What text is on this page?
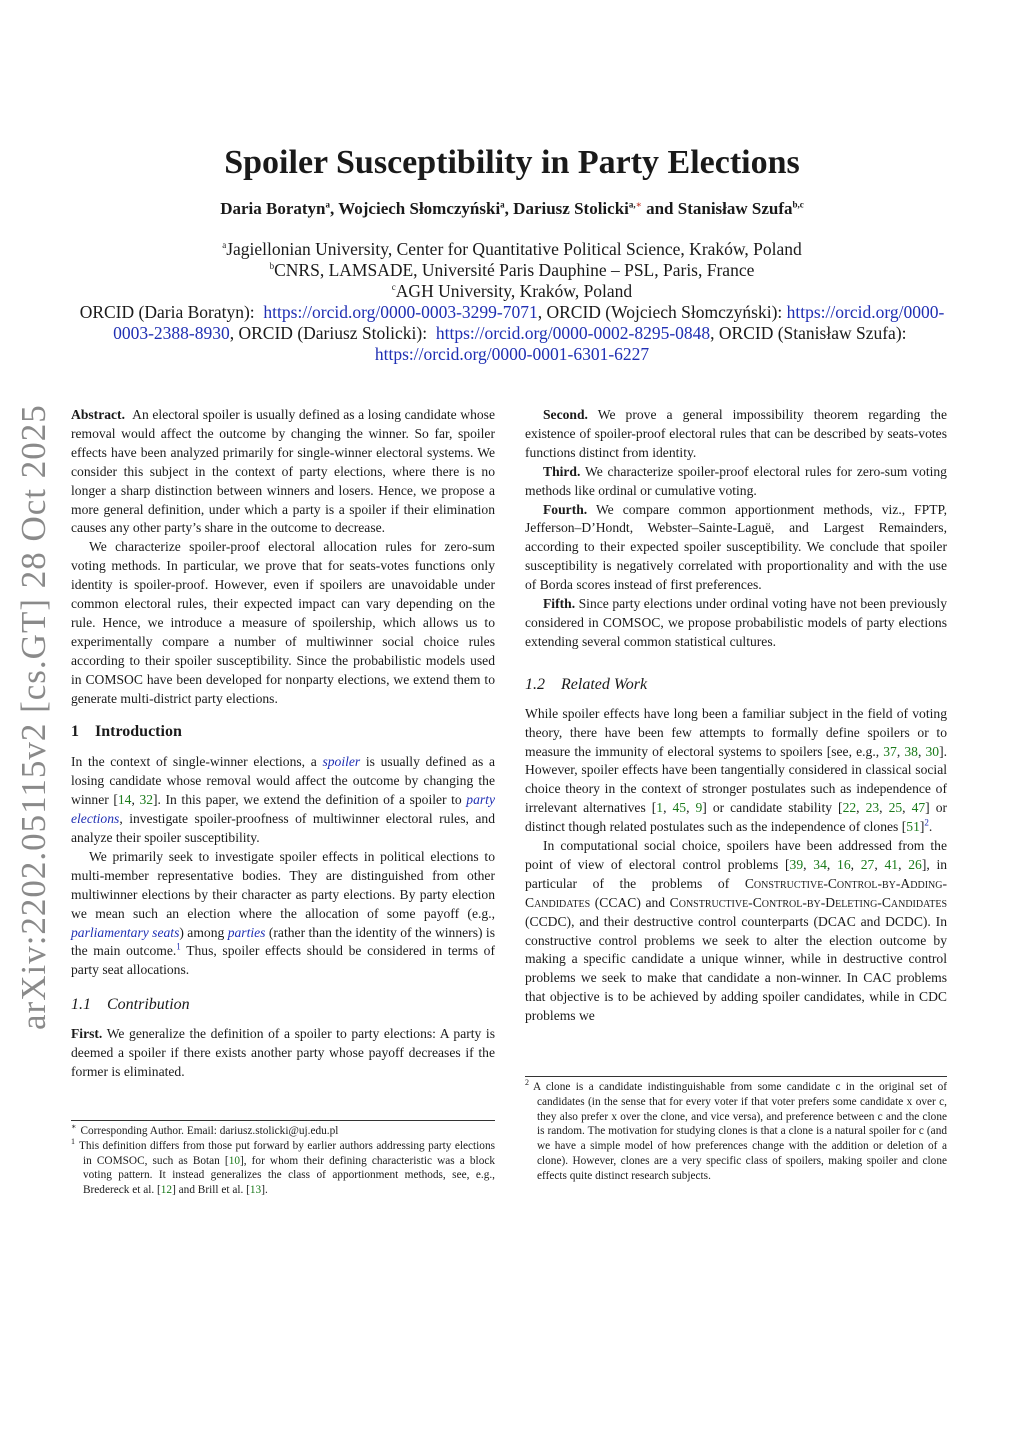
arXiv:2202.05115v2 [cs.GT] 28 Oct 2025
Spoiler Susceptibility in Party Elections
Daria Boratyn$^a$, Wojciech Słomczyński$^a$, Dariusz Stolicki$^{a,∗}$ and Stanisław Szufa$^{b,c}$
$^a$Jagiellonian University, Center for Quantitative Political Science, Kraków, Poland
$^b$CNRS, LAMSADE, Université Paris Dauphine – PSL, Paris, France
$^c$AGH University, Kraków, Poland
ORCID (Daria Boratyn): https://orcid.org/0000-0003-3299-7071, ORCID (Wojciech Słomczyński): https://orcid.org/0000-0003-2388-8930, ORCID (Dariusz Stolicki): https://orcid.org/0000-0002-8295-0848, ORCID (Stanisław Szufa):  https://orcid.org/0000-0001-6301-6227

Abstract. An electoral spoiler is usually defined as a losing candidate whose removal would affect the outcome by changing the winner. So far, spoiler effects have been analyzed primarily for single-winner electoral systems. We consider this subject in the context of party elections, where there is no longer a sharp distinction between winners and losers. Hence, we propose a more general definition, under which a party is a spoiler if their elimination causes any other party’s share in the outcome to decrease.

We characterize spoiler-proof electoral allocation rules for zero-sum voting methods. In particular, we prove that for seats-votes functions only identity is spoiler-proof. However, even if spoilers are unavoidable under common electoral rules, their expected impact can vary depending on the rule. Hence, we introduce a measure of spoilership, which allows us to experimentally compare a number of multiwinner social choice rules according to their spoiler susceptibility. Since the probabilistic models used in COMSOC have been developed for nonparty elections, we extend them to generate multi-district party elections.

1 Introduction

In the context of single-winner elections, a spoiler is usually defined as a losing candidate whose removal would affect the outcome by changing the winner [14, 32]. In this paper, we extend the definition of a spoiler to party elections, investigate spoiler-proofness of multiwinner electoral rules, and analyze their spoiler susceptibility.

We primarily seek to investigate spoiler effects in political elections to multi-member representative bodies. They are distinguished from other multiwinner elections by their character as party elections. By party election we mean such an election where the allocation of some payoff (e.g., parliamentary seats) among parties (rather than the identity of the winners) is the main outcome.$^1$ Thus, spoiler effects should be considered in terms of party seat allocations.

1.1 Contribution

First. We generalize the definition of a spoiler to party elections: A party is deemed a spoiler if there exists another party whose payoff decreases if the former is eliminated.

Second. We prove a general impossibility theorem regarding the existence of spoiler-proof electoral rules that can be described by seats-votes functions distinct from identity.

Third. We characterize spoiler-proof electoral rules for zero-sum voting methods like ordinal or cumulative voting.

Fourth. We compare common apportionment methods, viz., FPTP, Jefferson–D’Hondt, Webster–Sainte-Laguë, and Largest Remainders, according to their expected spoiler susceptibility. We conclude that spoiler susceptibility is negatively correlated with proportionality and with the use of Borda scores instead of first preferences.

Fifth. Since party elections under ordinal voting have not been previously considered in COMSOC, we propose probabilistic models of party elections extending several common statistical cultures.

1.2 Related Work

While spoiler effects have long been a familiar subject in the field of voting theory, there have been few attempts to formally define spoilers or to measure the immunity of electoral systems to spoilers [see, e.g., 37, 38, 30]. However, spoiler effects have been tangentially considered in classical social choice theory in the context of stronger postulates such as independence of irrelevant alternatives [1, 45, 9] or candidate stability [22, 23, 25, 47] or distinct though related postulates such as the independence of clones $[51]^2$.

In computational social choice, spoilers have been addressed from the point of view of electoral control problems [39, 34, 16, 27, 41, 26], in particular of the problems of Constructive-Control-by-Adding-Candidates (CCAC) and Constructive-Control-by-Deleting-Candidates (CCDC), and their destructive control counterparts (DCAC and DCDC). In constructive control problems we seek to alter the election outcome by making a specific candidate a unique winner, while in destructive control problems we seek to make that candidate a non-winner. In CAC problems that objective is to be achieved by adding spoiler candidates, while in CDC problems we

∗ Corresponding Author. Email: dariusz.stolicki@uj.edu.pl

$^1$ This definition differs from those put forward by earlier authors addressing party elections in COMSOC, such as Botan [10], for whom their defining characteristic was a block voting pattern. It instead generalizes the class of apportionment methods, see, e.g., Bredereck et al. [12] and Brill et al. [13].

$^2$ A clone is a candidate indistinguishable from some candidate c in the original set of candidates (in the sense that for every voter if that voter prefers some candidate x over c, they also prefer x over the clone, and vice versa), and preference between c and the clone is random. The motivation for studying clones is that a clone is a natural spoiler for c (and we have a simple model of how preferences change with the addition or deletion of a clone). However, clones are a very specific class of spoilers, making spoiler and clone effects quite distinct research subjects.
